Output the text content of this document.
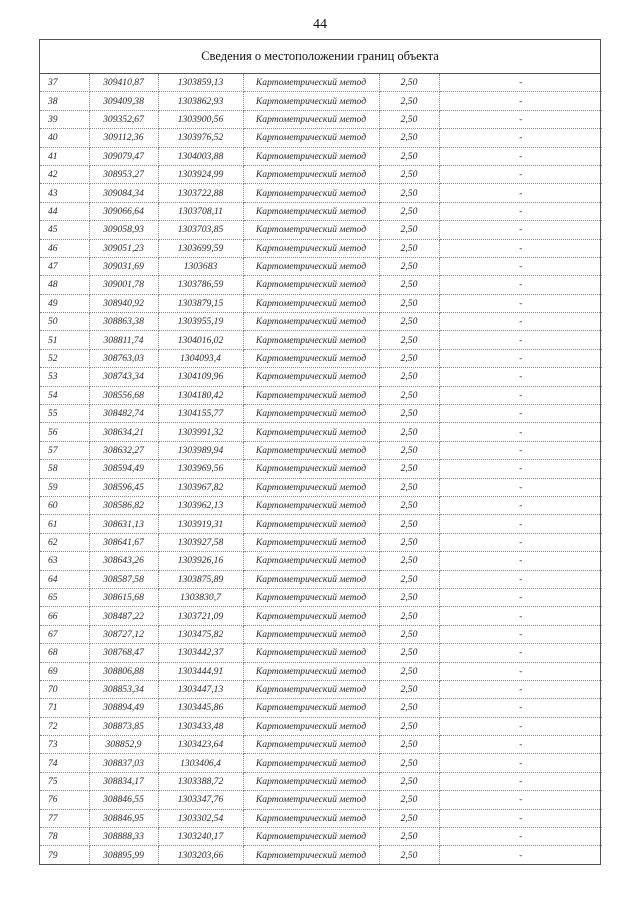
44
Сведения о местоположении границ объекта
37	309410,87	1303859,13	Картометрический метод	2,50	-
38	309409,38	1303862,93	Картометрический метод	2,50	-
39	309352,67	1303900,56	Картометрический метод	2,50	-
40	309112,36	1303976,52	Картометрический метод	2,50	-
41	309079,47	1304003,88	Картометрический метод	2,50	-
42	308953,27	1303924,99	Картометрический метод	2,50	-
43	309084,34	1303722,88	Картометрический метод	2,50	-
44	309066,64	1303708,11	Картометрический метод	2,50	-
45	309058,93	1303703,85	Картометрический метод	2,50	-
46	309051,23	1303699,59	Картометрический метод	2,50	-
47	309031,69	1303683	Картометрический метод	2,50	-
48	309001,78	1303786,59	Картометрический метод	2,50	-
49	308940,92	1303879,15	Картометрический метод	2,50	-
50	308863,38	1303955,19	Картометрический метод	2,50	-
51	308811,74	1304016,02	Картометрический метод	2,50	-
52	308763,03	1304093,4	Картометрический метод	2,50	-
53	308743,34	1304109,96	Картометрический метод	2,50	-
54	308556,68	1304180,42	Картометрический метод	2,50	-
55	308482,74	1304155,77	Картометрический метод	2,50	-
56	308634,21	1303991,32	Картометрический метод	2,50	-
57	308632,27	1303989,94	Картометрический метод	2,50	-
58	308594,49	1303969,56	Картометрический метод	2,50	-
59	308596,45	1303967,82	Картометрический метод	2,50	-
60	308586,82	1303962,13	Картометрический метод	2,50	-
61	308631,13	1303919,31	Картометрический метод	2,50	-
62	308641,67	1303927,58	Картометрический метод	2,50	-
63	308643,26	1303926,16	Картометрический метод	2,50	-
64	308587,58	1303875,89	Картометрический метод	2,50	-
65	308615,68	1303830,7	Картометрический метод	2,50	-
66	308487,22	1303721,09	Картометрический метод	2,50	-
67	308727,12	1303475,82	Картометрический метод	2,50	-
68	308768,47	1303442,37	Картометрический метод	2,50	-
69	308806,88	1303444,91	Картометрический метод	2,50	-
70	308853,34	1303447,13	Картометрический метод	2,50	-
71	308894,49	1303445,86	Картометрический метод	2,50	-
72	308873,85	1303433,48	Картометрический метод	2,50	-
73	308852,9	1303423,64	Картометрический метод	2,50	-
74	308837,03	1303406,4	Картометрический метод	2,50	-
75	308834,17	1303388,72	Картометрический метод	2,50	-
76	308846,55	1303347,76	Картометрический метод	2,50	-
77	308846,95	1303302,54	Картометрический метод	2,50	-
78	308888,33	1303240,17	Картометрический метод	2,50	-
79	308895,99	1303203,66	Картометрический метод	2,50	-
